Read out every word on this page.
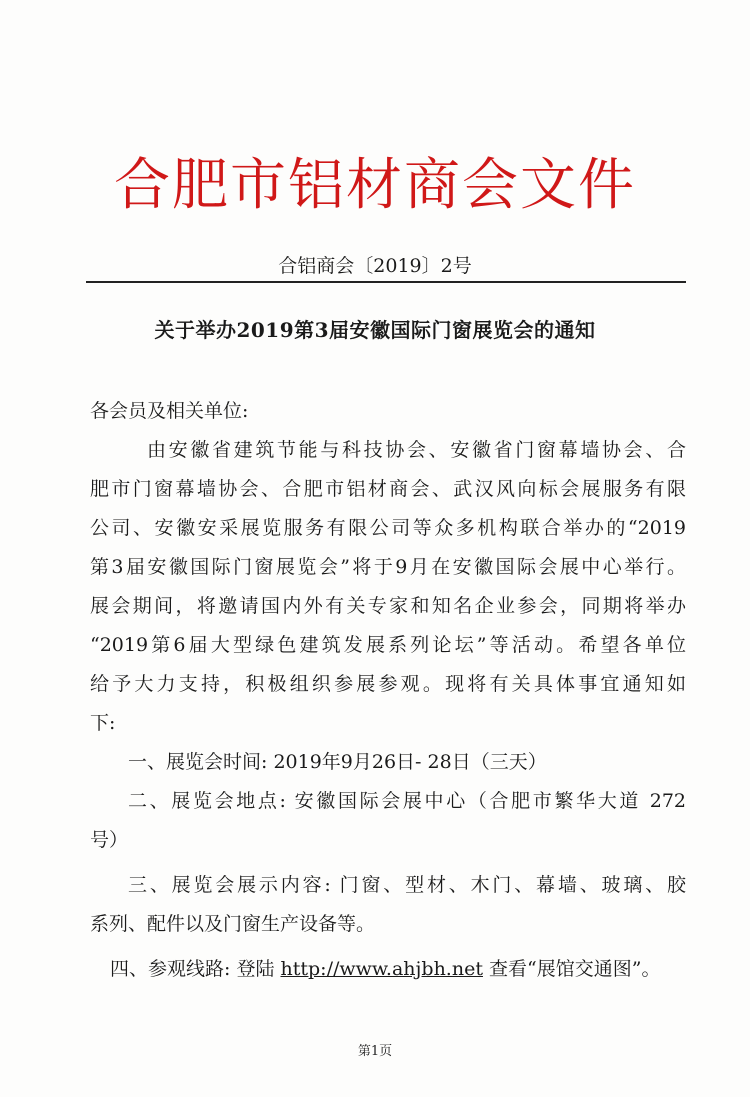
合肥市铝材商会文件
合铝商会〔2019〕2号
关于举办2019第3届安徽国际门窗展览会的通知
各会员及相关单位:
由安徽省建筑节能与科技协会、安徽省门窗幕墙协会、合
肥市门窗幕墙协会、合肥市铝材商会、武汉风向标会展服务有限
公司、安徽安采展览服务有限公司等众多机构联合举办的“2019
第3届安徽国际门窗展览会”将于9月在安徽国际会展中心举行。
展会期间，将邀请国内外有关专家和知名企业参会，同期将举办
“2019第6届大型绿色建筑发展系列论坛”等活动。希望各单位
给予大力支持，积极组织参展参观。现将有关具体事宜通知如
下:
一、展览会时间: 2019年9月26日- 28日（三天）
二、展览会地点: 安徽国际会展中心（合肥市繁华大道 272
号）
三、展览会展示内容: 门窗、型材、木门、幕墙、玻璃、胶
系列、配件以及门窗生产设备等。
四、参观线路: 登陆 http://www.ahjbh.net 查看“展馆交通图”。
第1页
